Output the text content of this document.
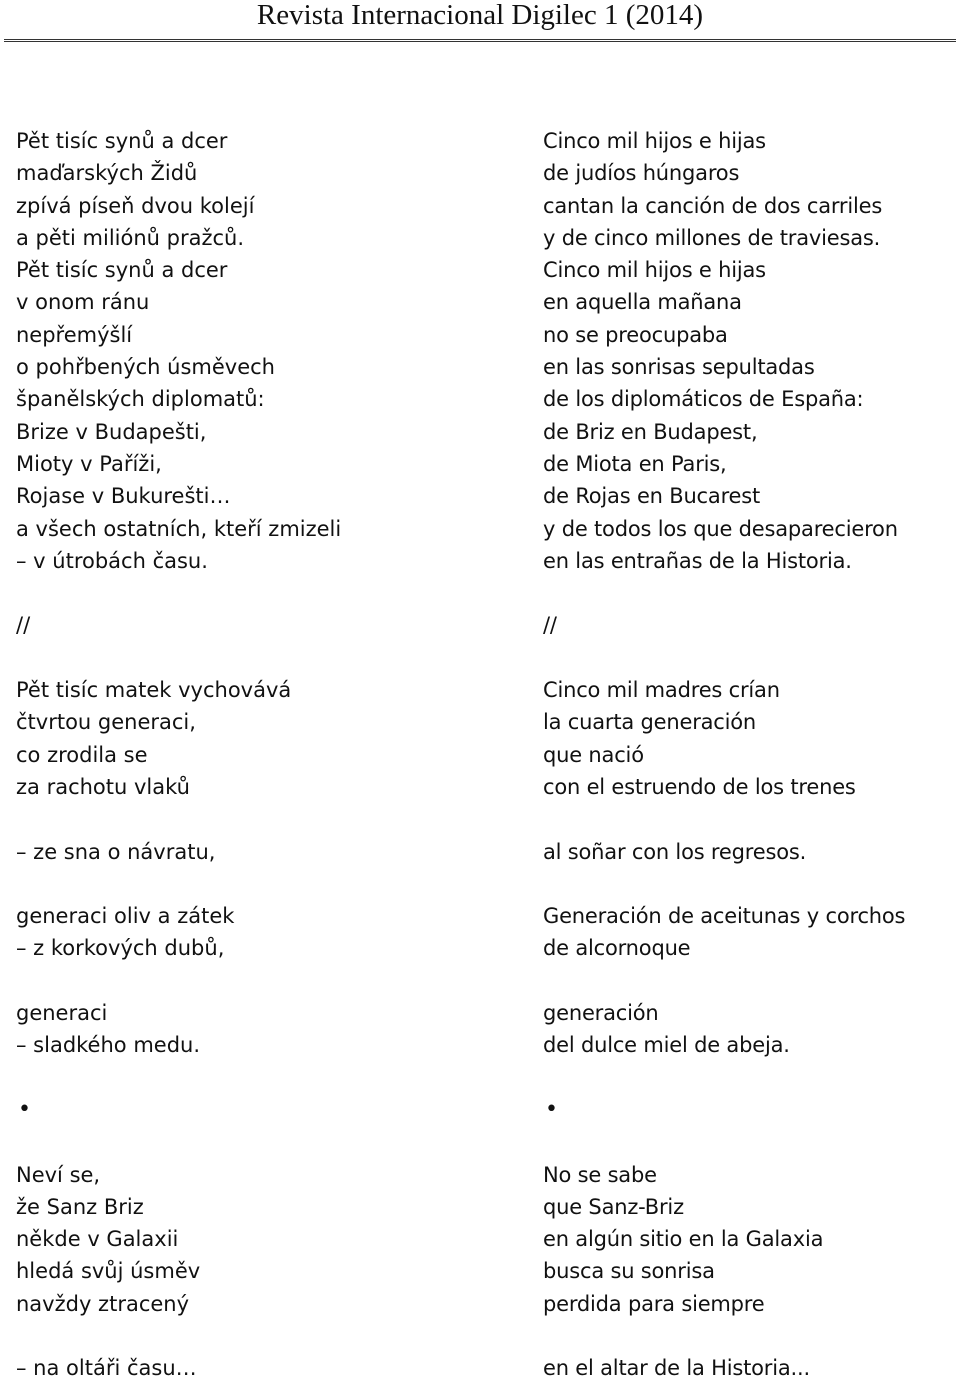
Revista Internacional Digilec 1 (2014)
Pět tisíc synů a dcer
maďarských Židů
zpívá píseň dvou kolejí
a pěti miliónů pražců.
Pět tisíc synů a dcer
v onom ránu
nepřemýšlí
o pohřbených úsměvech
španělských diplomatů:
Brize v Budapešti,
Mioty v Paříži,
Rojase v Bukurešti…
a všech ostatních, kteří zmizeli
– v útrobách času.
//
Pět tisíc matek vychovává
čtvrtou generaci,
co zrodila se
za rachotu vlaků
– ze sna o návratu,
generaci oliv a zátek
– z korkových dubů,
generaci
– sladkého medu.
•
Neví se,
že Sanz Briz
někde v Galaxii
hledá svůj úsměv
navždy ztracený
– na oltáři času…
Cinco mil hijos e hijas
de judíos húngaros
cantan la canción de dos carriles
y de cinco millones de traviesas.
Cinco mil hijos e hijas
en aquella mañana
no se preocupaba
en las sonrisas sepultadas
de los diplomáticos de España:
de Briz en Budapest,
de Miota en Paris,
de Rojas en Bucarest
y de todos los que desaparecieron
en las entrañas de la Historia.
//
Cinco mil madres crían
la cuarta generación
que nació
con el estruendo de los trenes
al soñar con los regresos.
Generación de aceitunas y corchos
de alcornoque
generación
del dulce miel de abeja.
•
No se sabe
que Sanz-Briz
en algún sitio en la Galaxia
busca su sonrisa
perdida para siempre
en el altar de la Historia...
